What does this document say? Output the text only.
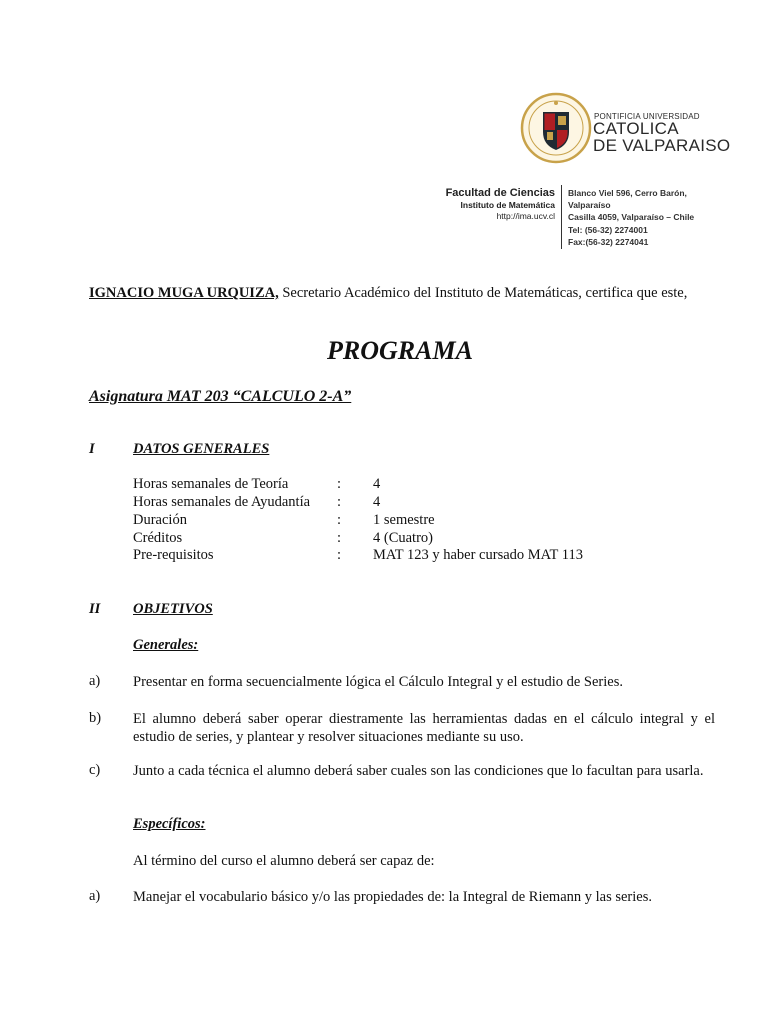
PONTIFICIA UNIVERSIDAD
CATOLICA
DE VALPARAISO
Facultad de Ciencias
Instituto de Matemática
http://ima.ucv.cl
Blanco Viel 596, Cerro Barón,
Valparaíso
Casilla 4059, Valparaíso – Chile
Tel: (56-32) 2274001
Fax:(56-32) 2274041
IGNACIO MUGA URQUIZA, Secretario Académico del Instituto de Matemáticas, certifica que este,
PROGRAMA
Asignatura MAT 203 “CALCULO 2-A”
I	DATOS GENERALES
Horas semanales de Teoría	: 4
Horas semanales de Ayudantía : 4
Duración	: 1 semestre
Créditos	: 4 (Cuatro)
Pre-requisitos	: MAT 123 y haber cursado MAT 113
II OBJETIVOS
Generales:
a) Presentar en forma secuencialmente lógica el Cálculo Integral y el estudio de Series.
b) El alumno deberá saber operar diestramente las herramientas dadas en el cálculo integral y el estudio de series, y plantear y resolver situaciones mediante su uso.
c) Junto a cada técnica el alumno deberá saber cuales son las condiciones que lo facultan para usarla.
Específicos:
Al término del curso el alumno deberá ser capaz de:
a) Manejar el vocabulario básico y/o las propiedades de: la Integral de Riemann y las series.
